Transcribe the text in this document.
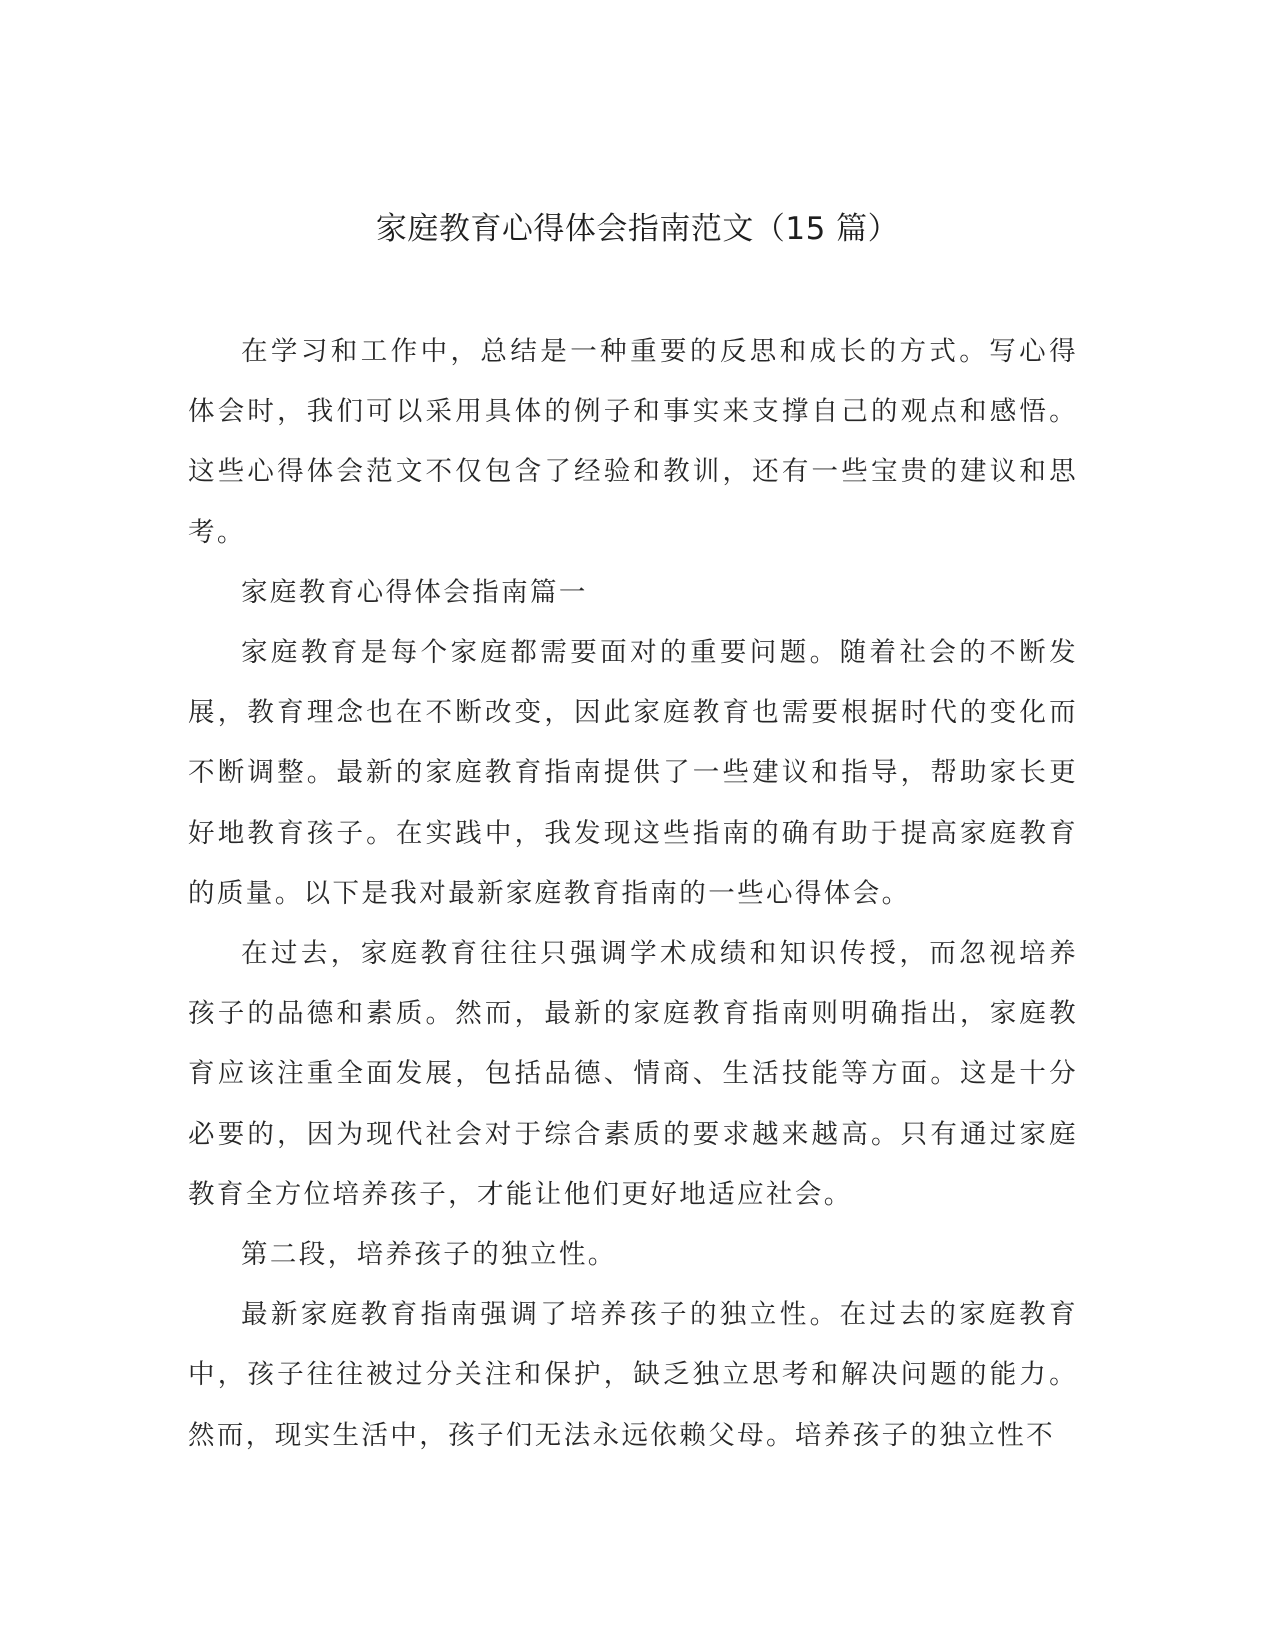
家庭教育心得体会指南范文（15 篇）

在学习和工作中，总结是一种重要的反思和成长的方式。写心得体会时，我们可以采用具体的例子和事实来支撑自己的观点和感悟。这些心得体会范文不仅包含了经验和教训，还有一些宝贵的建议和思考。

家庭教育心得体会指南篇一

家庭教育是每个家庭都需要面对的重要问题。随着社会的不断发展，教育理念也在不断改变，因此家庭教育也需要根据时代的变化而不断调整。最新的家庭教育指南提供了一些建议和指导，帮助家长更好地教育孩子。在实践中，我发现这些指南的确有助于提高家庭教育的质量。以下是我对最新家庭教育指南的一些心得体会。

在过去，家庭教育往往只强调学术成绩和知识传授，而忽视培养孩子的品德和素质。然而，最新的家庭教育指南则明确指出，家庭教育应该注重全面发展，包括品德、情商、生活技能等方面。这是十分必要的，因为现代社会对于综合素质的要求越来越高。只有通过家庭教育全方位培养孩子，才能让他们更好地适应社会。

第二段，培养孩子的独立性。

最新家庭教育指南强调了培养孩子的独立性。在过去的家庭教育中，孩子往往被过分关注和保护，缺乏独立思考和解决问题的能力。然而，现实生活中，孩子们无法永远依赖父母。培养孩子的独立性不
